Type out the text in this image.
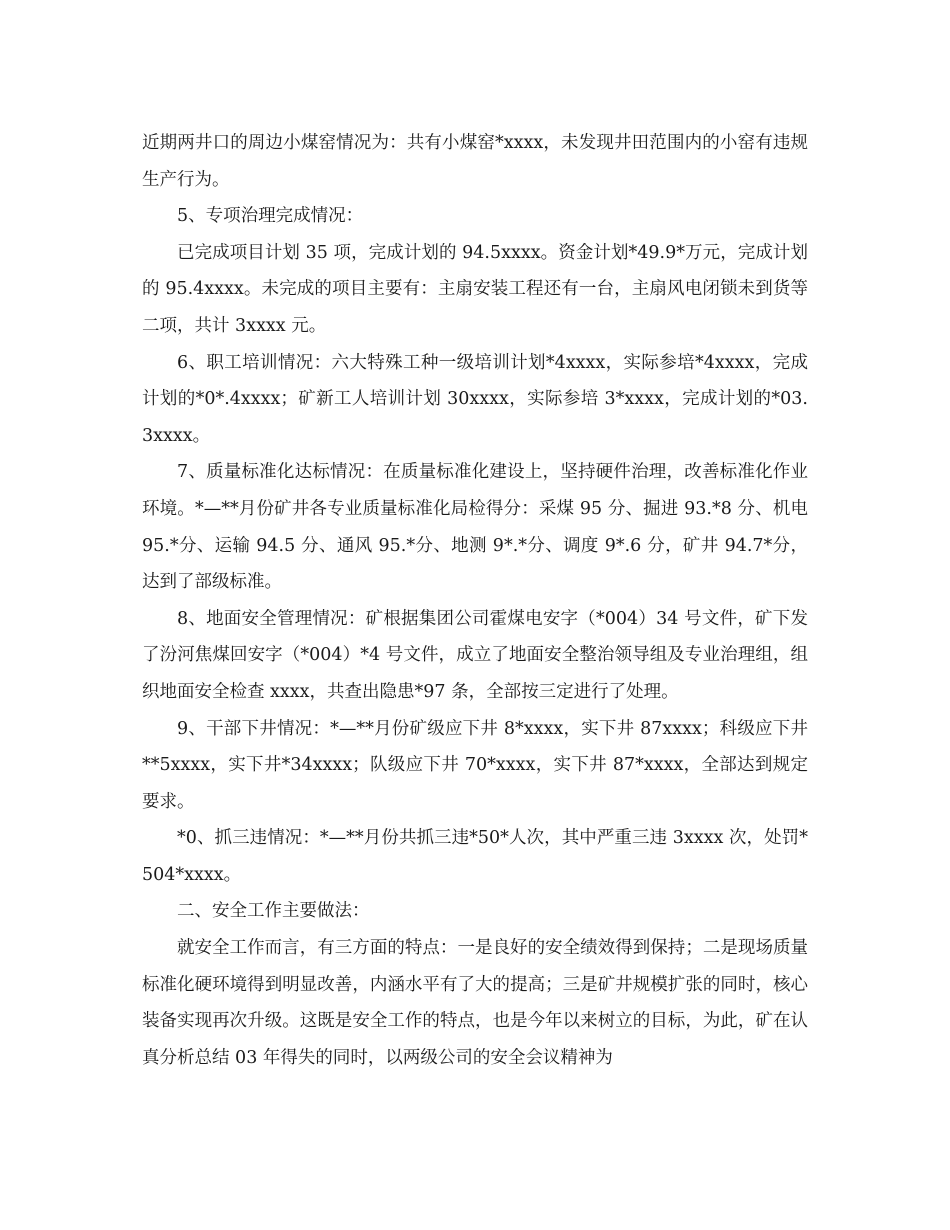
近期两井口的周边小煤窑情况为：共有小煤窑*xxxx，未发现井田范围内的小窑有违规生产行为。

5、专项治理完成情况：

已完成项目计划 35 项，完成计划的 94.5xxxx。资金计划*49.9*万元，完成计划的 95.4xxxx。未完成的项目主要有：主扇安装工程还有一台，主扇风电闭锁未到货等二项，共计 3xxxx 元。

6、职工培训情况：六大特殊工种一级培训计划*4xxxx，实际参培*4xxxx，完成计划的*0*.4xxxx；矿新工人培训计划 30xxxx，实际参培 3*xxxx，完成计划的*03.3xxxx。

7、质量标准化达标情况：在质量标准化建设上，坚持硬件治理，改善标准化作业环境。*—**月份矿井各专业质量标准化局检得分：采煤 95 分、掘进 93.*8 分、机电 95.*分、运输 94.5 分、通风 95.*分、地测 9*.*分、调度 9*.6 分，矿井 94.7*分，达到了部级标准。

8、地面安全管理情况：矿根据集团公司霍煤电安字（*004）34 号文件，矿下发了汾河焦煤回安字（*004）*4 号文件，成立了地面安全整治领导组及专业治理组，组织地面安全检查 xxxx，共查出隐患*97 条，全部按三定进行了处理。

9、干部下井情况：*—**月份矿级应下井 8*xxxx，实下井 87xxxx；科级应下井**5xxxx，实下井*34xxxx；队级应下井 70*xxxx，实下井 87*xxxx，全部达到规定要求。

*0、抓三违情况：*—**月份共抓三违*50*人次，其中严重三违 3xxxx 次，处罚*504*xxxx。

二、安全工作主要做法：

就安全工作而言，有三方面的特点：一是良好的安全绩效得到保持；二是现场质量标准化硬环境得到明显改善，内涵水平有了大的提高；三是矿井规模扩张的同时，核心装备实现再次升级。这既是安全工作的特点，也是今年以来树立的目标，为此，矿在认真分析总结 03 年得失的同时，以两级公司的安全会议精神为
